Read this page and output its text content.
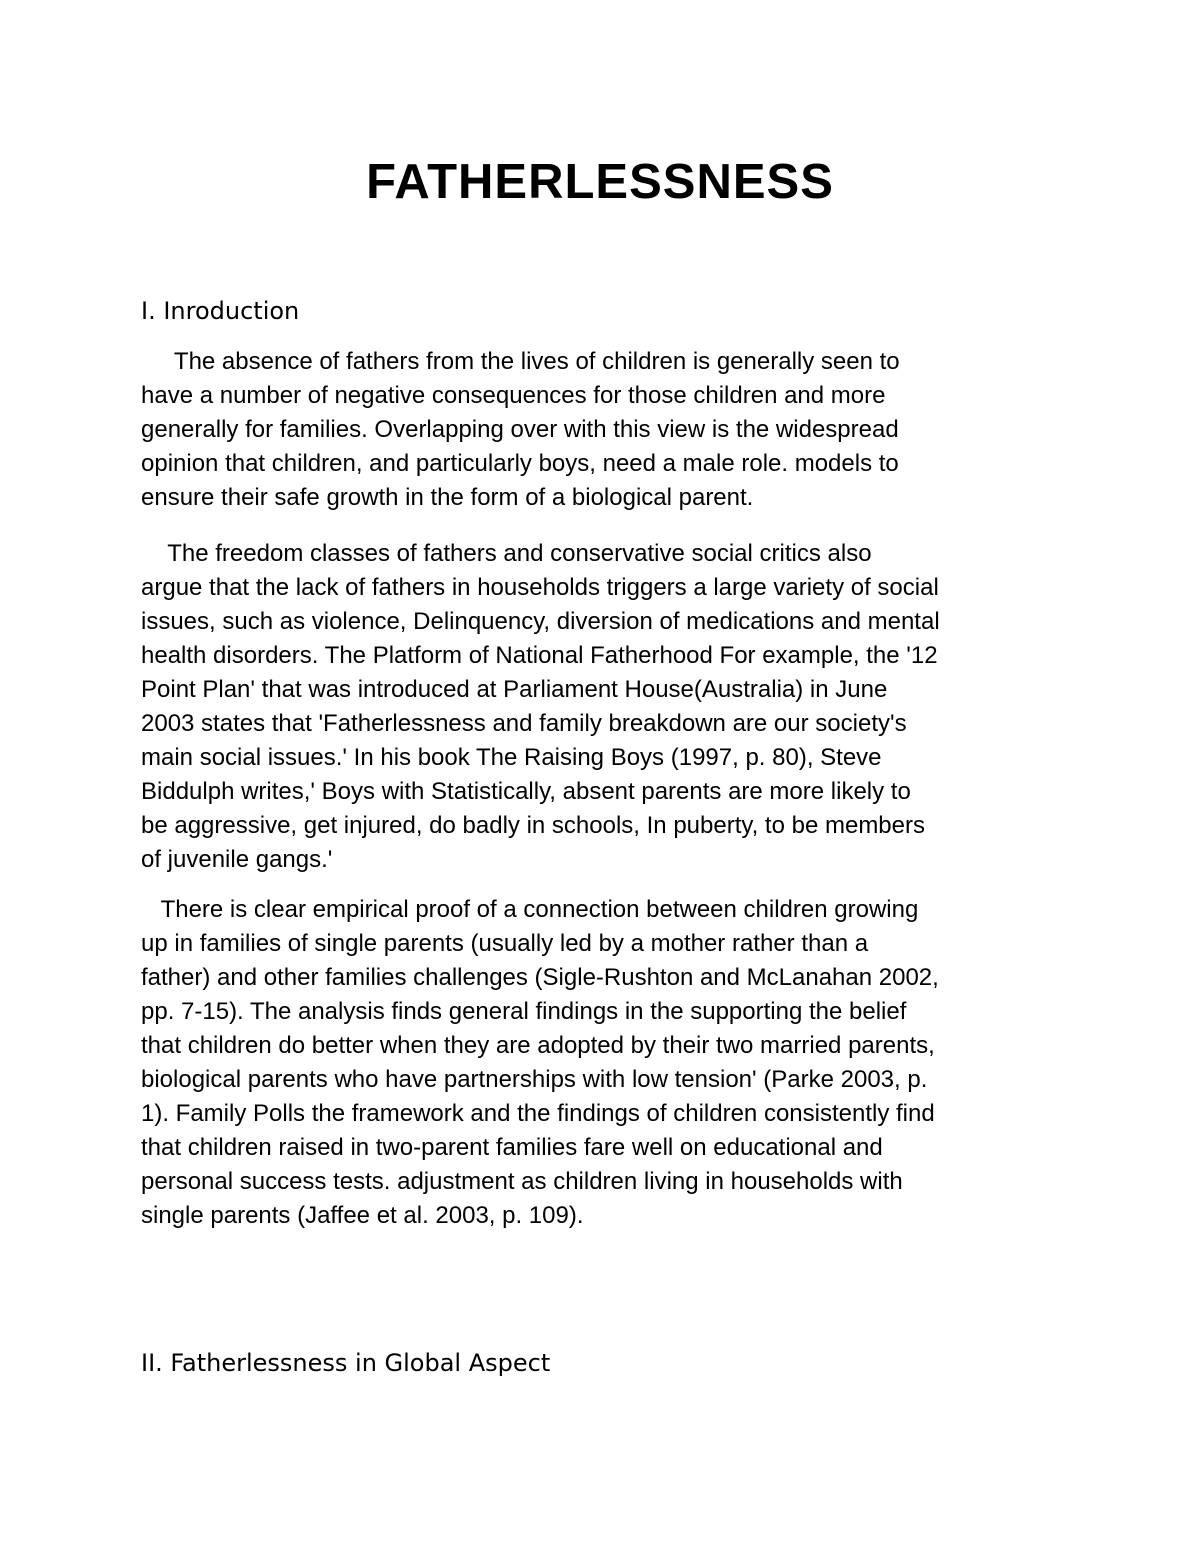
FATHERLESSNESS
I. Inroduction

The absence of fathers from the lives of children is generally seen to
have a number of negative consequences for those children and more
generally for families. Overlapping over with this view is the widespread
opinion that children, and particularly boys, need a male role. models to
ensure their safe growth in the form of a biological parent.

The freedom classes of fathers and conservative social critics also
argue that the lack of fathers in households triggers a large variety of social
issues, such as violence, Delinquency, diversion of medications and mental
health disorders. The Platform of National Fatherhood For example, the '12
Point Plan' that was introduced at Parliament House(Australia) in June
2003 states that 'Fatherlessness and family breakdown are our society's
main social issues.' In his book The Raising Boys (1997, p. 80), Steve
Biddulph writes,' Boys with Statistically, absent parents are more likely to
be aggressive, get injured, do badly in schools, In puberty, to be members
of juvenile gangs.'

There is clear empirical proof of a connection between children growing
up in families of single parents (usually led by a mother rather than a
father) and other families challenges (Sigle-Rushton and McLanahan 2002,
pp. 7-15). The analysis finds general findings in the supporting the belief
that children do better when they are adopted by their two married parents,
biological parents who have partnerships with low tension' (Parke 2003, p.
1). Family Polls the framework and the findings of children consistently find
that children raised in two-parent families fare well on educational and
personal success tests. adjustment as children living in households with
single parents (Jaffee et al. 2003, p. 109).

II. Fatherlessness in Global Aspect
